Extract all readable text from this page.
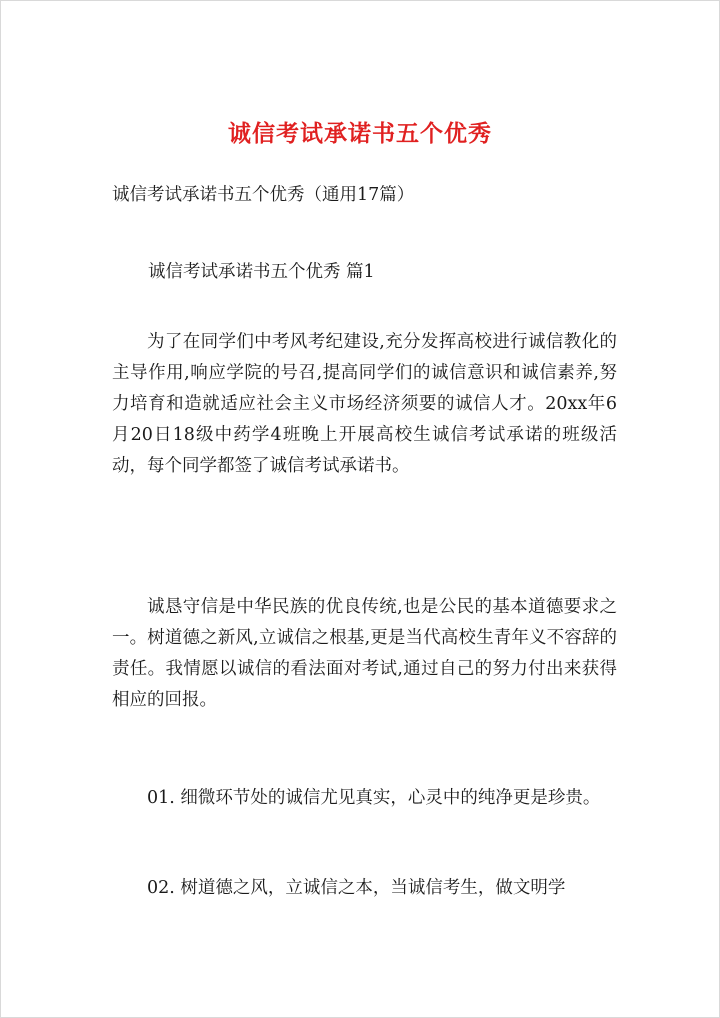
诚信考试承诺书五个优秀
诚信考试承诺书五个优秀（通用17篇）
诚信考试承诺书五个优秀 篇1

为了在同学们中考风考纪建设,充分发挥高校进行诚信教化的主导作用,响应学院的号召,提高同学们的诚信意识和诚信素养,努力培育和造就适应社会主义市场经济须要的诚信人才。20xx年6月20日18级中药学4班晚上开展高校生诚信考试承诺的班级活动，每个同学都签了诚信考试承诺书。

诚恳守信是中华民族的优良传统,也是公民的基本道德要求之一。树道德之新风,立诚信之根基,更是当代高校生青年义不容辞的责任。我情愿以诚信的看法面对考试,通过自己的努力付出来获得相应的回报。

01. 细微环节处的诚信尤见真实，心灵中的纯净更是珍贵。

02. 树道德之风，立诚信之本，当诚信考生，做文明学
